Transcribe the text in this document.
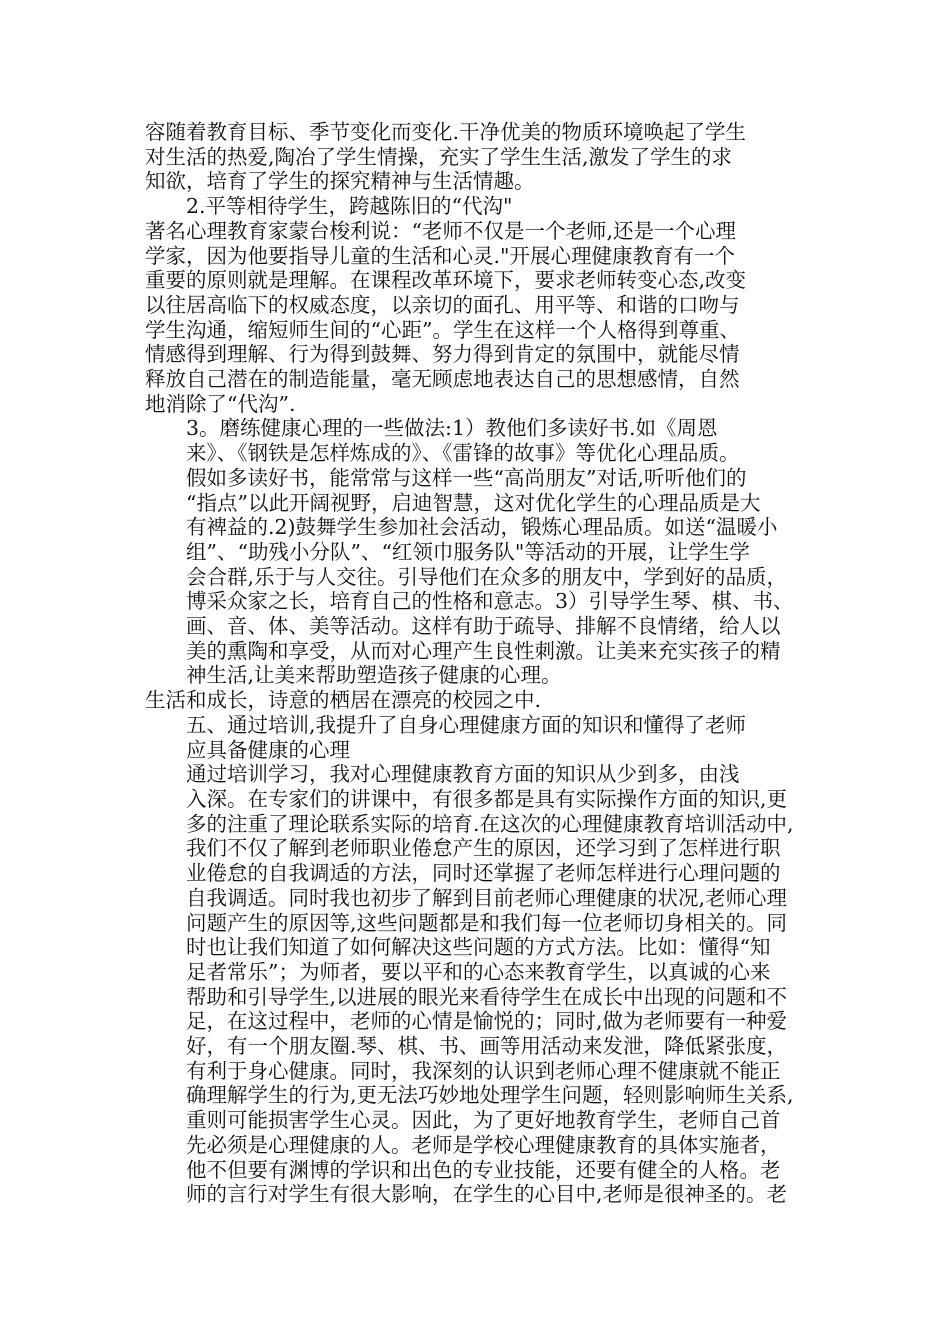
容随着教育目标、季节变化而变化.干净优美的物质环境唤起了学生
对生活的热爱,陶冶了学生情操，充实了学生生活,激发了学生的求
知欲，培育了学生的探究精神与生活情趣。
2.平等相待学生，跨越陈旧的“代沟"
著名心理教育家蒙台梭利说：“老师不仅是一个老师,还是一个心理
学家，因为他要指导儿童的生活和心灵."开展心理健康教育有一个
重要的原则就是理解。在课程改革环境下，要求老师转变心态,改变
以往居高临下的权威态度，以亲切的面孔、用平等、和谐的口吻与
学生沟通，缩短师生间的“心距”。学生在这样一个人格得到尊重、
情感得到理解、行为得到鼓舞、努力得到肯定的氛围中，就能尽情
释放自己潜在的制造能量，毫无顾虑地表达自己的思想感情，自然
地消除了“代沟”.
3。磨练健康心理的一些做法:1）教他们多读好书.如《周恩
来》、《钢铁是怎样炼成的》、《雷锋的故事》等优化心理品质。
假如多读好书，能常常与这样一些“高尚朋友”对话,听听他们的
“指点”以此开阔视野，启迪智慧，这对优化学生的心理品质是大
有裨益的.2)鼓舞学生参加社会活动，锻炼心理品质。如送“温暖小
组”、“助残小分队”、“红领巾服务队"等活动的开展，让学生学
会合群,乐于与人交往。引导他们在众多的朋友中，学到好的品质，
博采众家之长，培育自己的性格和意志。3）引导学生琴、棋、书、
画、音、体、美等活动。这样有助于疏导、排解不良情绪，给人以
美的熏陶和享受，从而对心理产生良性刺激。让美来充实孩子的精
神生活,让美来帮助塑造孩子健康的心理。
生活和成长，诗意的栖居在漂亮的校园之中.
五、通过培训,我提升了自身心理健康方面的知识和懂得了老师
应具备健康的心理
通过培训学习，我对心理健康教育方面的知识从少到多，由浅
入深。在专家们的讲课中，有很多都是具有实际操作方面的知识,更
多的注重了理论联系实际的培育.在这次的心理健康教育培训活动中,
我们不仅了解到老师职业倦怠产生的原因，还学习到了怎样进行职
业倦怠的自我调适的方法，同时还掌握了老师怎样进行心理问题的
自我调适。同时我也初步了解到目前老师心理健康的状况,老师心理
问题产生的原因等,这些问题都是和我们每一位老师切身相关的。同
时也让我们知道了如何解决这些问题的方式方法。比如：懂得“知
足者常乐”；为师者，要以平和的心态来教育学生，以真诚的心来
帮助和引导学生,以进展的眼光来看待学生在成长中出现的问题和不
足，在这过程中，老师的心情是愉悦的；同时,做为老师要有一种爱
好，有一个朋友圈.琴、棋、书、画等用活动来发泄，降低紧张度，
有利于身心健康。同时，我深刻的认识到老师心理不健康就不能正
确理解学生的行为,更无法巧妙地处理学生问题，轻则影响师生关系,
重则可能损害学生心灵。因此，为了更好地教育学生，老师自己首
先必须是心理健康的人。老师是学校心理健康教育的具体实施者，
他不但要有渊博的学识和出色的专业技能，还要有健全的人格。老
师的言行对学生有很大影响，在学生的心目中,老师是很神圣的。老
